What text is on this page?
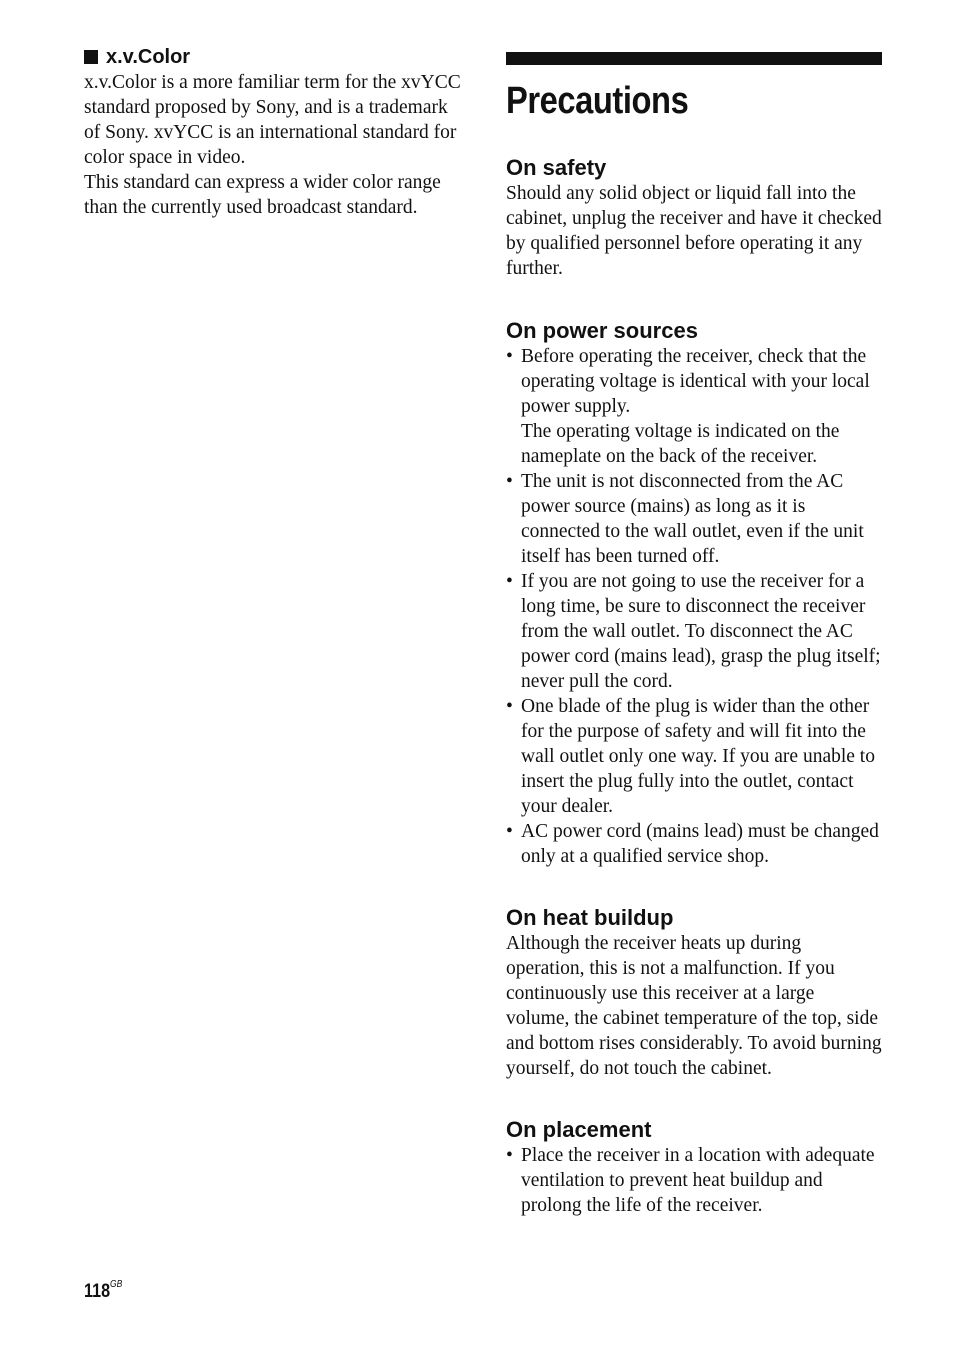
x.v.Color

x.v.Color is a more familiar term for the xvYCC standard proposed by Sony, and is a trademark of Sony. xvYCC is an international standard for color space in video.

This standard can express a wider color range than the currently used broadcast standard.

Precautions
On safety

Should any solid object or liquid fall into the cabinet, unplug the receiver and have it checked by qualified personnel before operating it any further.

On power sources
• Before operating the receiver, check that the operating voltage is identical with your local power supply.
The operating voltage is indicated on the nameplate on the back of the receiver.
• The unit is not disconnected from the AC power source (mains) as long as it is connected to the wall outlet, even if the unit itself has been turned off.
• If you are not going to use the receiver for a long time, be sure to disconnect the receiver from the wall outlet. To disconnect the AC power cord (mains lead), grasp the plug itself; never pull the cord.
• One blade of the plug is wider than the other for the purpose of safety and will fit into the wall outlet only one way. If you are unable to insert the plug fully into the outlet, contact your dealer.
• AC power cord (mains lead) must be changed only at a qualified service shop.
On heat buildup

Although the receiver heats up during operation, this is not a malfunction. If you continuously use this receiver at a large volume, the cabinet temperature of the top, side and bottom rises considerably. To avoid burning yourself, do not touch the cabinet.

On placement
• Place the receiver in a location with adequate ventilation to prevent heat buildup and prolong the life of the receiver.
$118^{GB}$
